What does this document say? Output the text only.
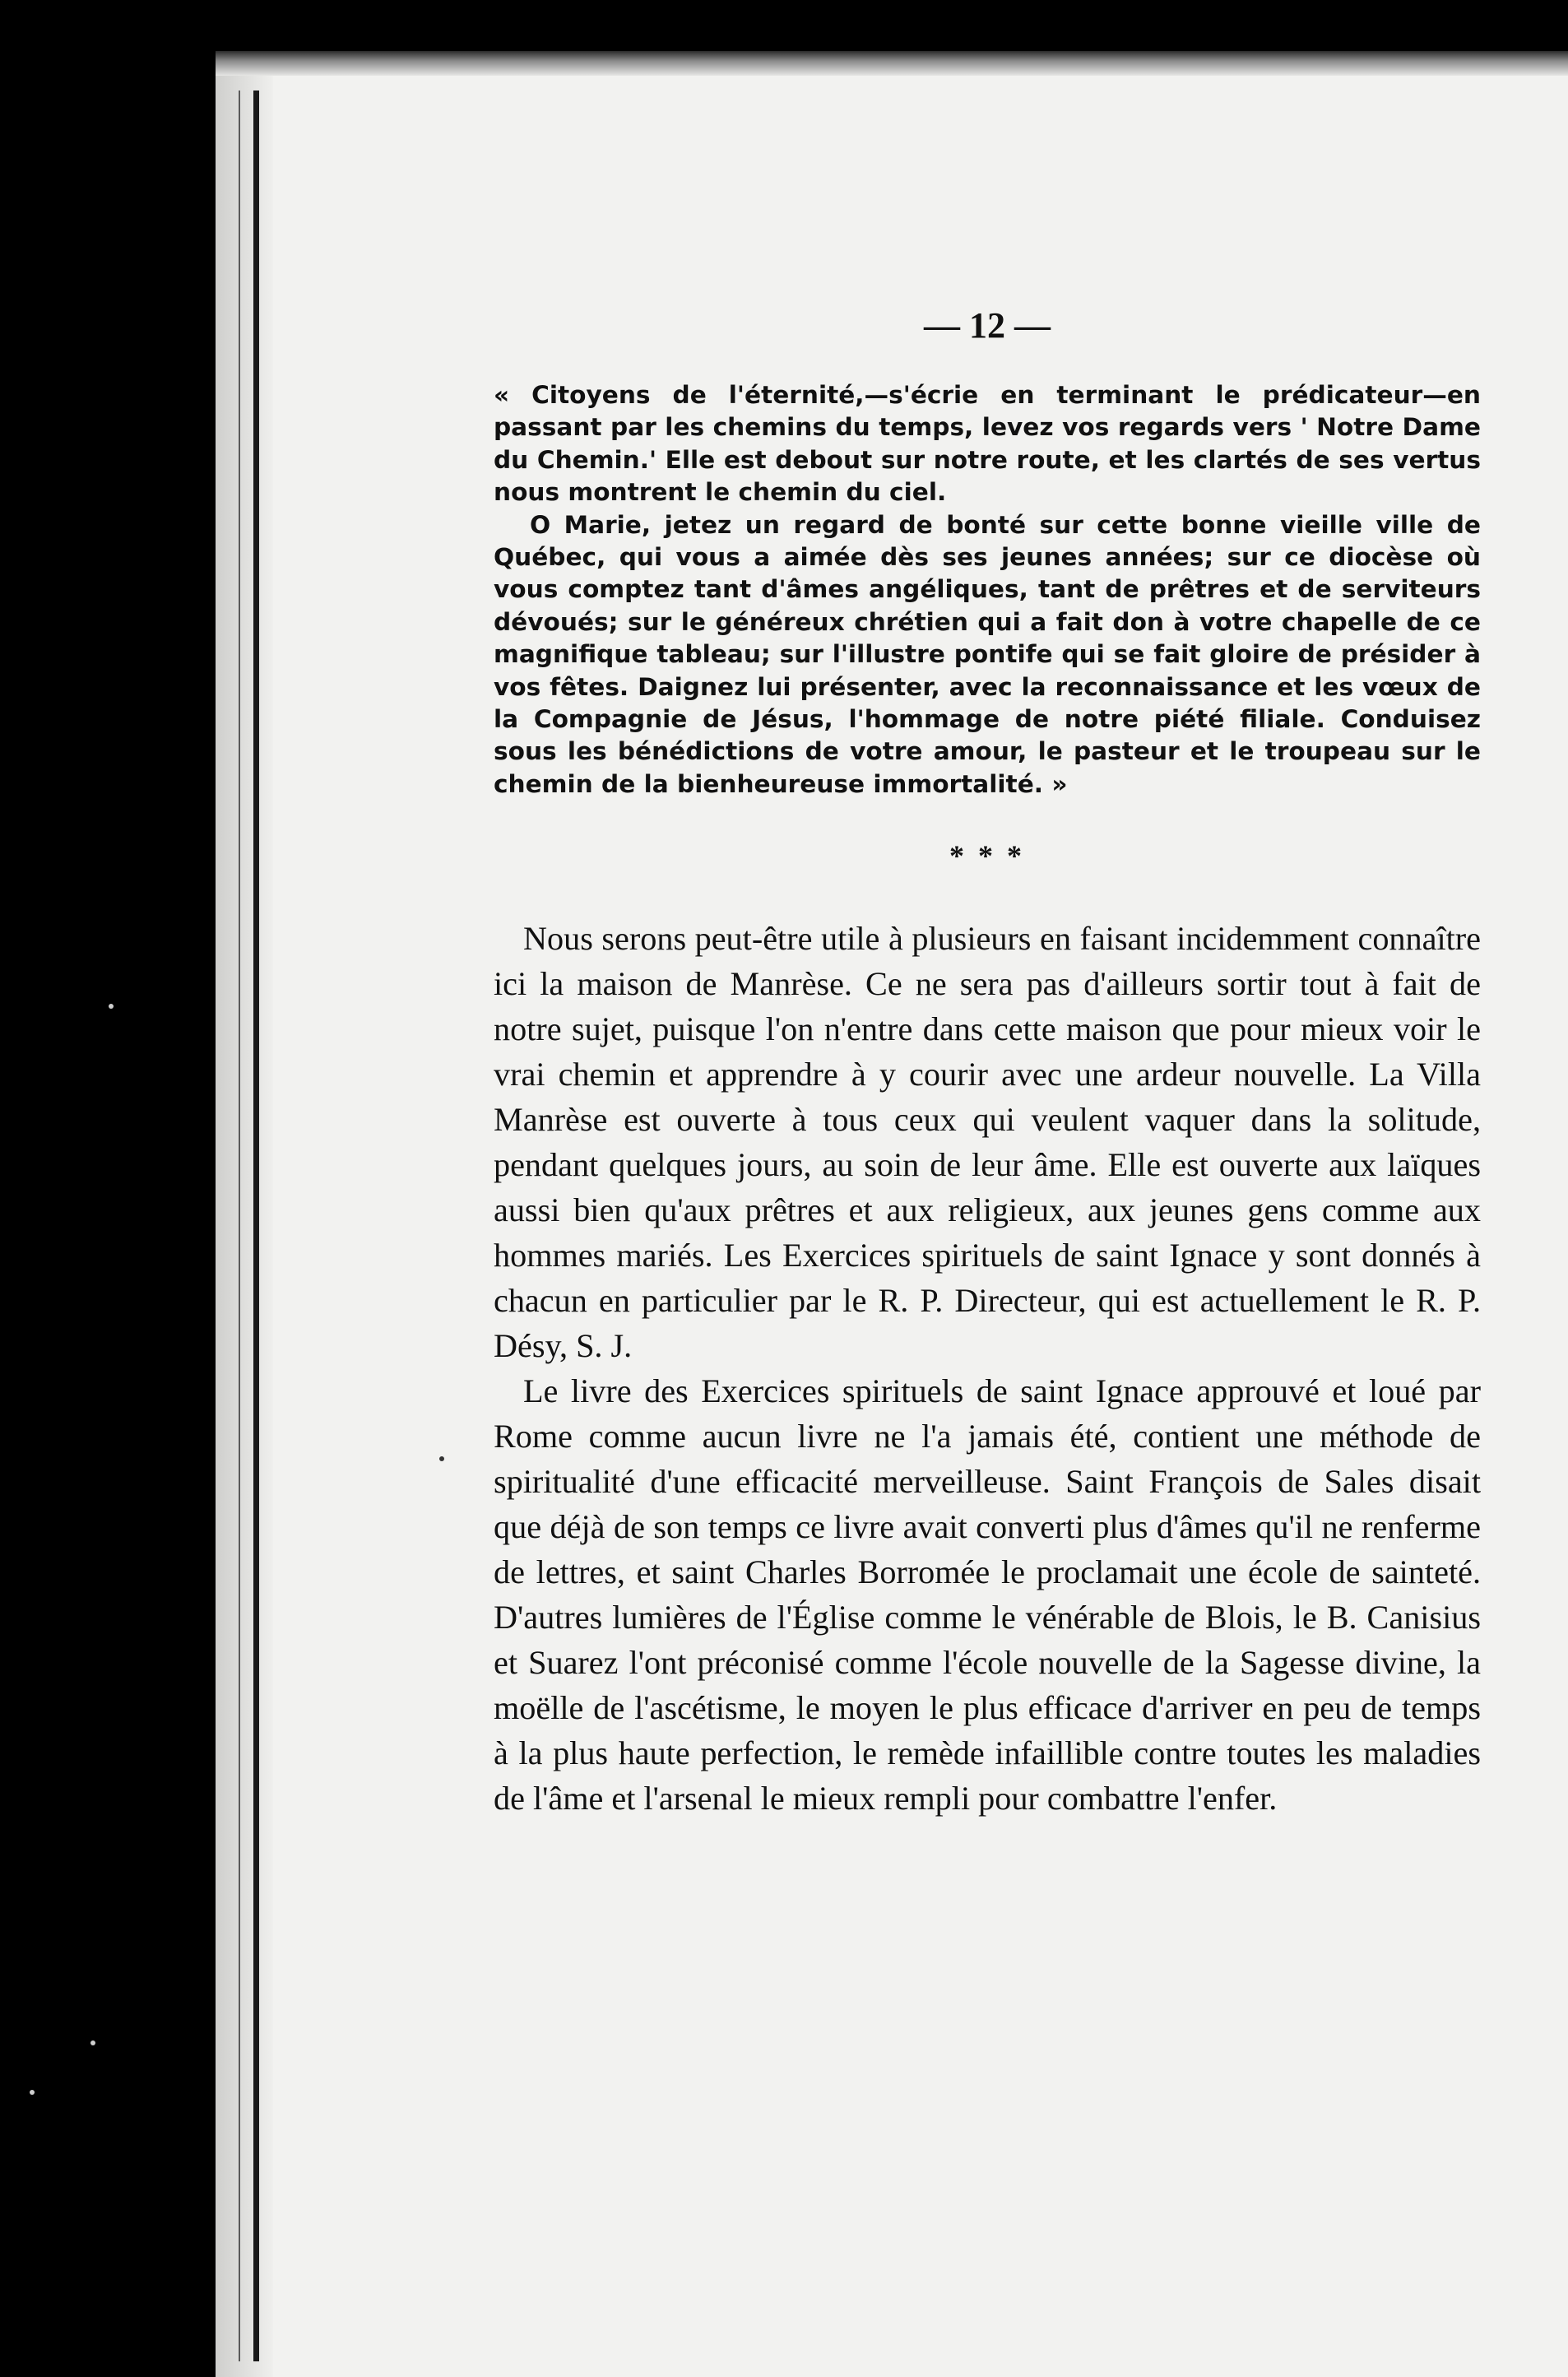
— 12 —

« Citoyens de l'éternité,—s'écrie en terminant le prédicateur—en passant par les chemins du temps, levez vos regards vers ' Notre Dame du Chemin.' Elle est debout sur notre route, et les clartés de ses vertus nous montrent le chemin du ciel.

O Marie, jetez un regard de bonté sur cette bonne vieille ville de Québec, qui vous a aimée dès ses jeunes années; sur ce diocèse où vous comptez tant d'âmes angéliques, tant de prêtres et de serviteurs dévoués; sur le généreux chrétien qui a fait don à votre chapelle de ce magnifique tableau; sur l'illustre pontife qui se fait gloire de présider à vos fêtes. Daignez lui présenter, avec la reconnaissance et les vœux de la Compagnie de Jésus, l'hommage de notre piété filiale. Conduisez sous les bénédictions de votre amour, le pasteur et le troupeau sur le chemin de la bienheureuse immortalité. »

* * *

Nous serons peut-être utile à plusieurs en faisant incidemment connaître ici la maison de Manrèse. Ce ne sera pas d'ailleurs sortir tout à fait de notre sujet, puisque l'on n'entre dans cette maison que pour mieux voir le vrai chemin et apprendre à y courir avec une ardeur nouvelle. La Villa Manrèse est ouverte à tous ceux qui veulent vaquer dans la solitude, pendant quelques jours, au soin de leur âme. Elle est ouverte aux laïques aussi bien qu'aux prêtres et aux religieux, aux jeunes gens comme aux hommes mariés. Les Exercices spirituels de saint Ignace y sont donnés à chacun en particulier par le R. P. Directeur, qui est actuellement le R. P. Désy, S. J.

Le livre des Exercices spirituels de saint Ignace approuvé et loué par Rome comme aucun livre ne l'a jamais été, contient une méthode de spiritualité d'une efficacité merveilleuse. Saint François de Sales disait que déjà de son temps ce livre avait converti plus d'âmes qu'il ne renferme de lettres, et saint Charles Borromée le proclamait une école de sainteté. D'autres lumières de l'Église comme le vénérable de Blois, le B. Canisius et Suarez l'ont préconisé comme l'école nouvelle de la Sagesse divine, la moëlle de l'ascétisme, le moyen le plus efficace d'arriver en peu de temps à la plus haute perfection, le remède infaillible contre toutes les maladies de l'âme et l'arsenal le mieux rempli pour combattre l'enfer.
